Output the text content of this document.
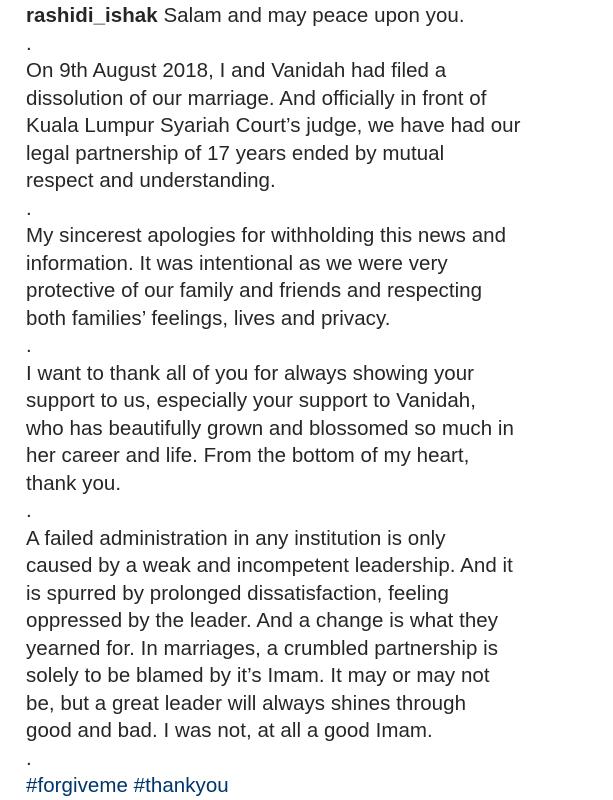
rashidi_ishak Salam and may peace upon you.
.
On 9th August 2018, I and Vanidah had filed a
dissolution of our marriage. And officially in front of
Kuala Lumpur Syariah Court’s judge, we have had our
legal partnership of 17 years ended by mutual
respect and understanding.
.
My sincerest apologies for withholding this news and
information. It was intentional as we were very
protective of our family and friends and respecting
both families’ feelings, lives and privacy.
.
I want to thank all of you for always showing your
support to us, especially your support to Vanidah,
who has beautifully grown and blossomed so much in
her career and life. From the bottom of my heart,
thank you.
.
A failed administration in any institution is only
caused by a weak and incompetent leadership. And it
is spurred by prolonged dissatisfaction, feeling
oppressed by the leader. And a change is what they
yearned for. In marriages, a crumbled partnership is
solely to be blamed by it’s Imam. It may or may not
be, but a great leader will always shines through
good and bad. I was not, at all a good Imam.
.
#forgiveme #thankyou
